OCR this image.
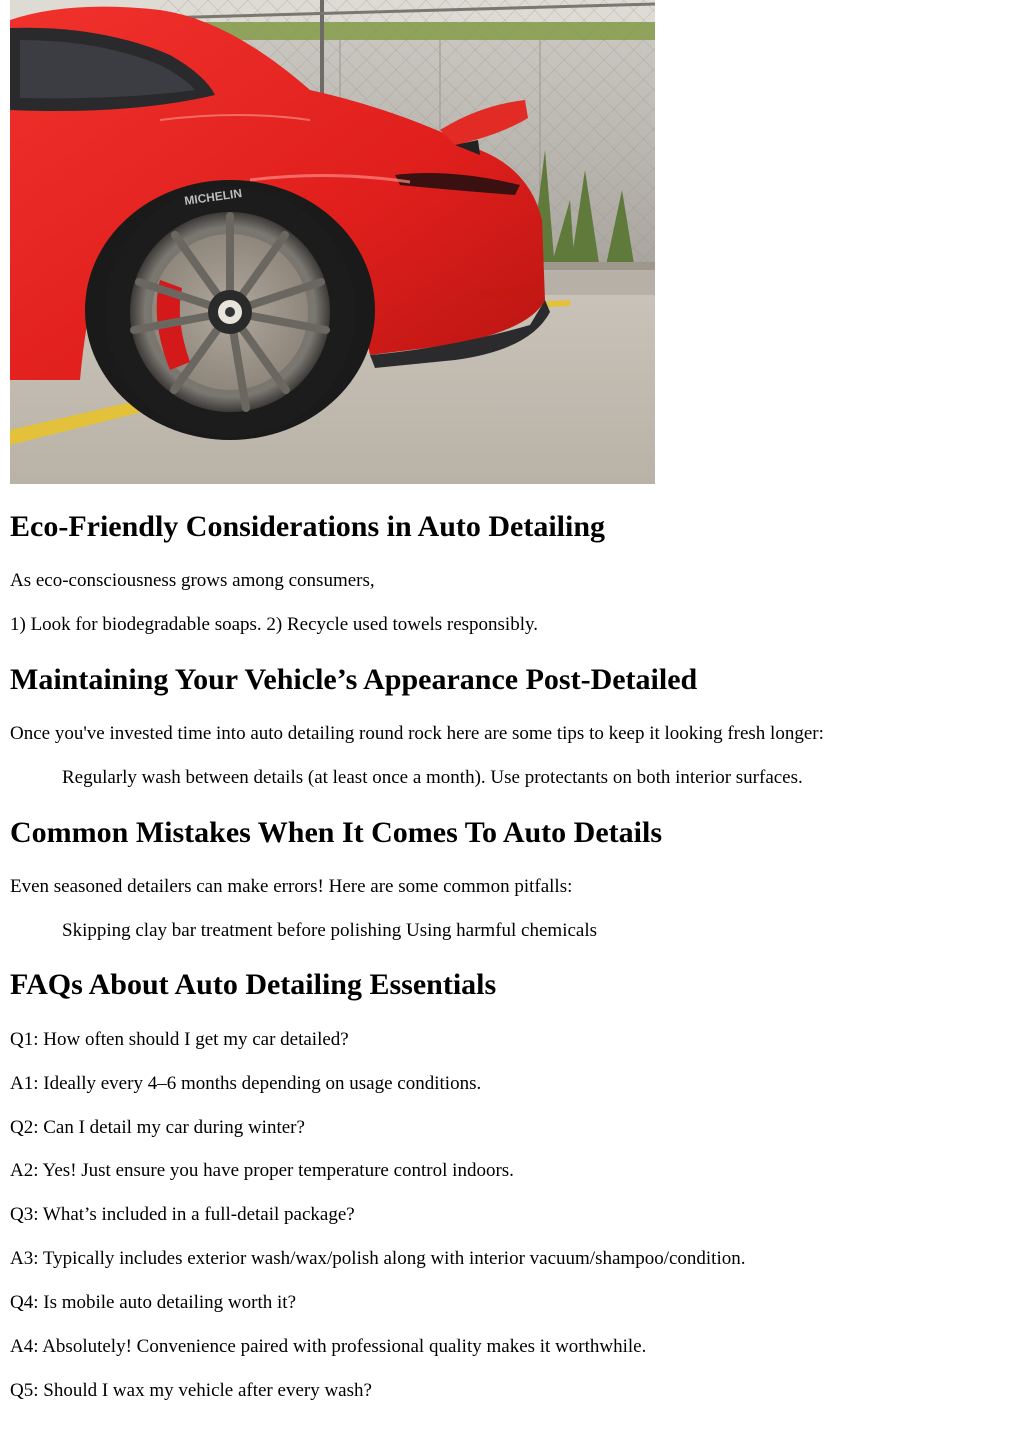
MICHELIN
Eco-Friendly Considerations in Auto Detailing

As eco-consciousness grows among consumers,

1) Look for biodegradable soaps. 2) Recycle used towels responsibly.

Maintaining Your Vehicle’s Appearance Post-Detailed

Once you've invested time into auto detailing round rock here are some tips to keep it looking fresh longer:

Regularly wash between details (at least once a month). Use protectants on both interior surfaces.

Common Mistakes When It Comes To Auto Details

Even seasoned detailers can make errors! Here are some common pitfalls:

Skipping clay bar treatment before polishing Using harmful chemicals

FAQs About Auto Detailing Essentials

Q1: How often should I get my car detailed?

A1: Ideally every 4–6 months depending on usage conditions.

Q2: Can I detail my car during winter?

A2: Yes! Just ensure you have proper temperature control indoors.

Q3: What’s included in a full-detail package?

A3: Typically includes exterior wash/wax/polish along with interior vacuum/shampoo/condition.

Q4: Is mobile auto detailing worth it?

A4: Absolutely! Convenience paired with professional quality makes it worthwhile.

Q5: Should I wax my vehicle after every wash?
